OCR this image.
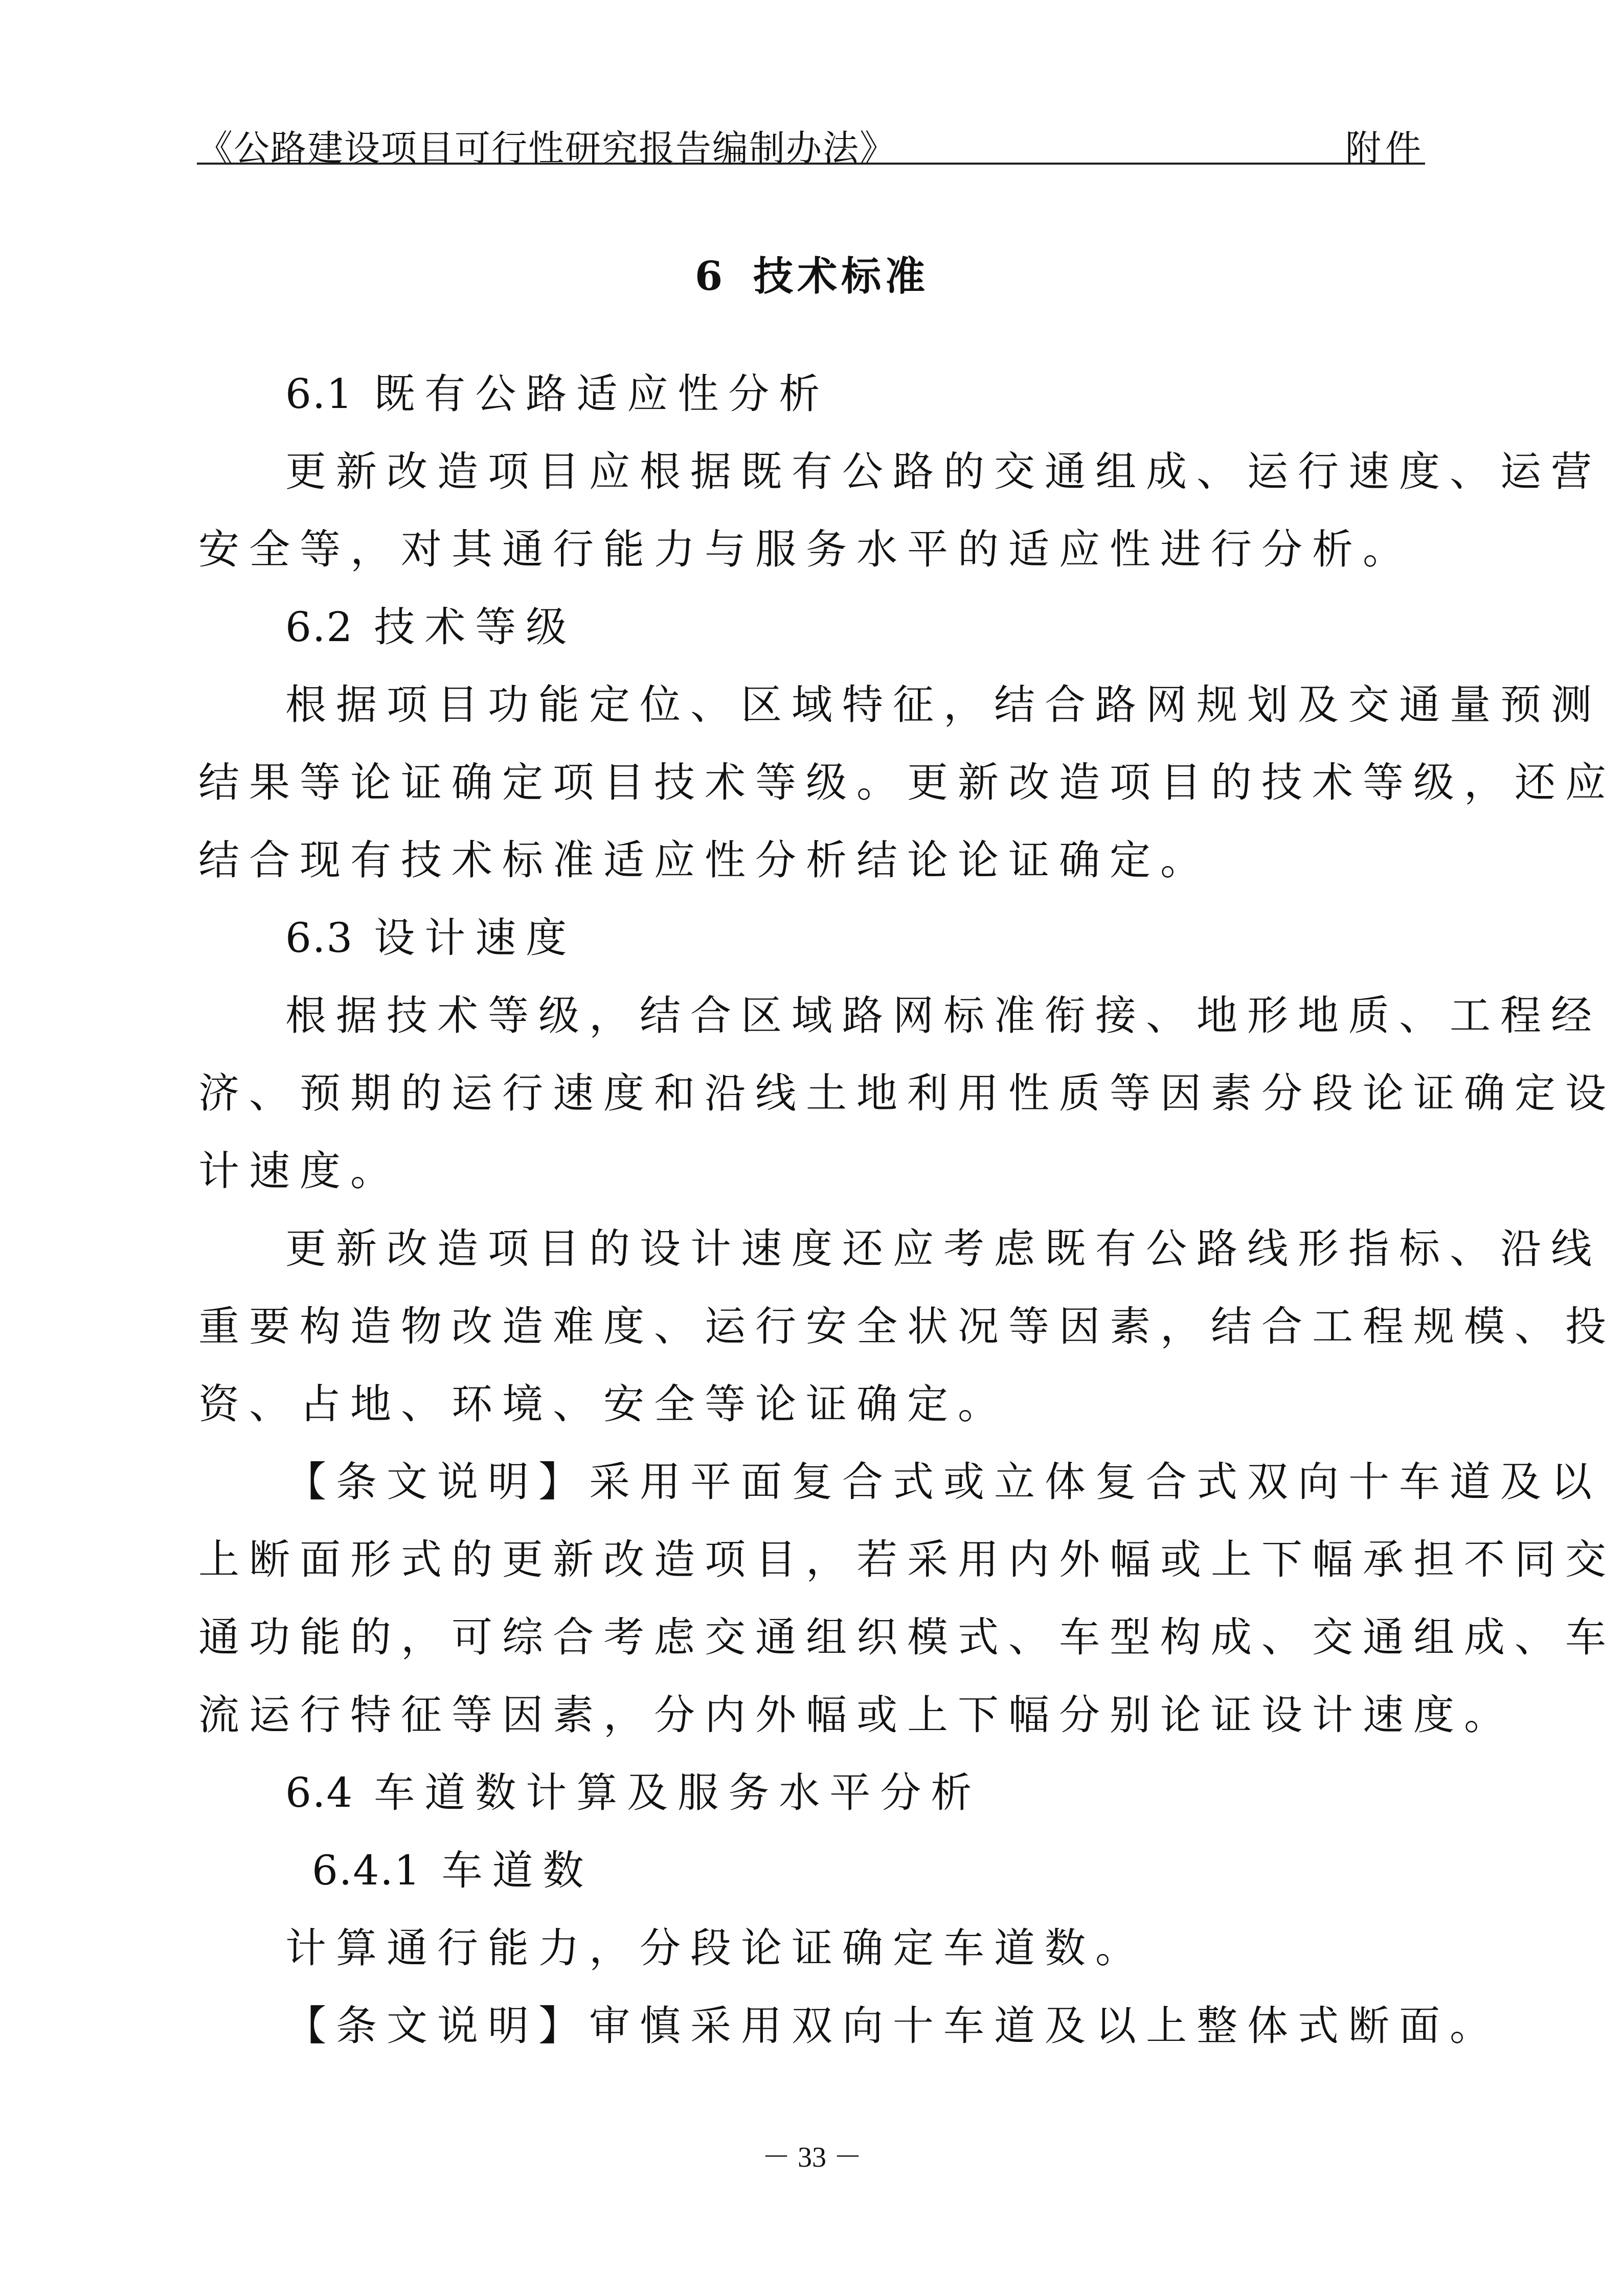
《公路建设项目可行性研究报告编制办法》	附件
6 技术标准

6.1 既有公路适应性分析

更新改造项目应根据既有公路的交通组成、运行速度、运营
安全等，对其通行能力与服务水平的适应性进行分析。

6.2 技术等级

根据项目功能定位、区域特征，结合路网规划及交通量预测
结果等论证确定项目技术等级。更新改造项目的技术等级，还应
结合现有技术标准适应性分析结论论证确定。

6.3 设计速度

根据技术等级，结合区域路网标准衔接、地形地质、工程经
济、预期的运行速度和沿线土地利用性质等因素分段论证确定设
计速度。

更新改造项目的设计速度还应考虑既有公路线形指标、沿线
重要构造物改造难度、运行安全状况等因素，结合工程规模、投
资、占地、环境、安全等论证确定。

【条文说明】采用平面复合式或立体复合式双向十车道及以
上断面形式的更新改造项目，若采用内外幅或上下幅承担不同交
通功能的，可综合考虑交通组织模式、车型构成、交通组成、车
流运行特征等因素，分内外幅或上下幅分别论证设计速度。

6.4 车道数计算及服务水平分析

6.4.1 车道数

计算通行能力，分段论证确定车道数。

【条文说明】审慎采用双向十车道及以上整体式断面。

－ 33 －
